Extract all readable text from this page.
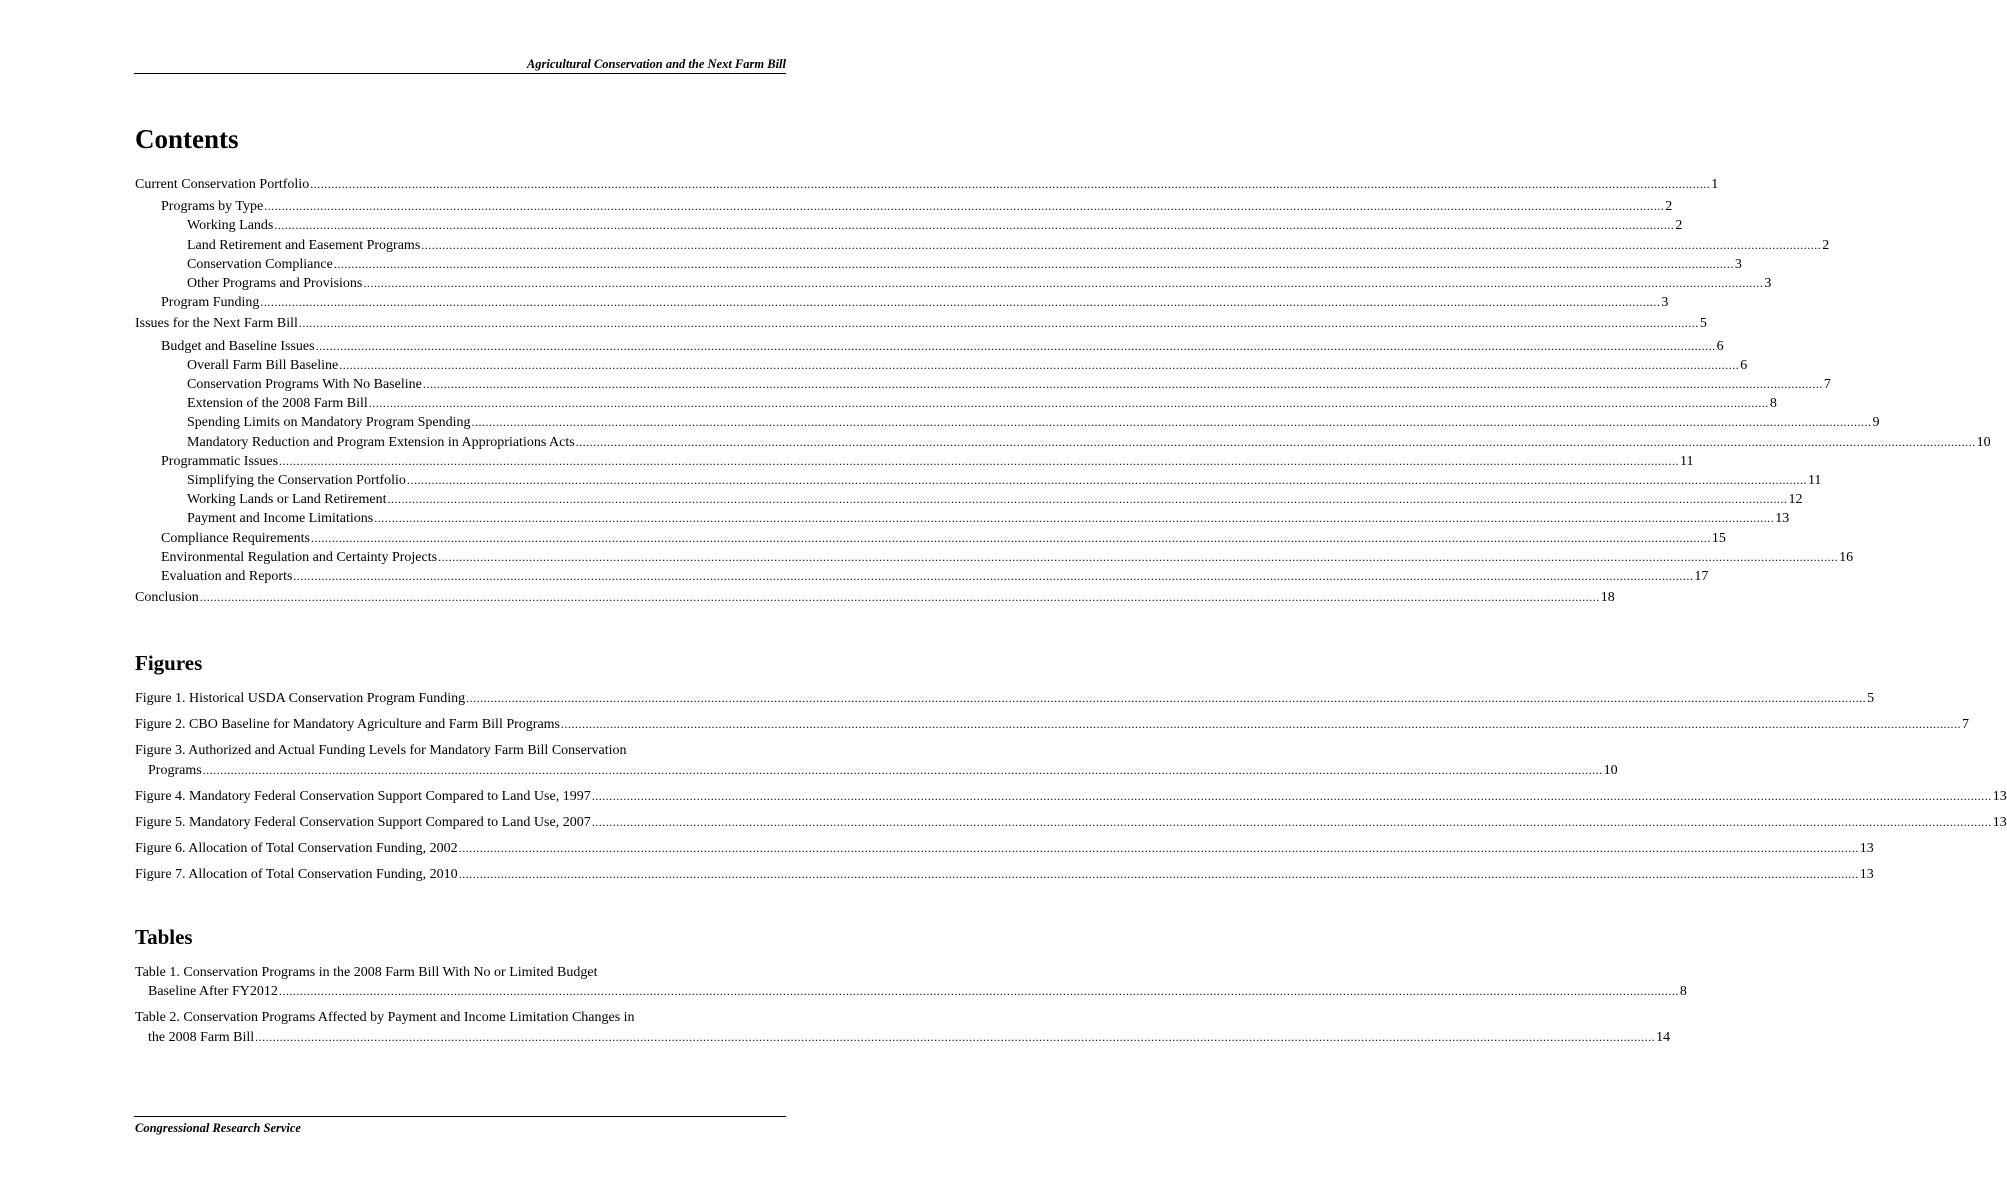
Agricultural Conservation and the Next Farm Bill
Contents
Current Conservation Portfolio ................................................................................................................................................................................................................................................................................................................................................................................................................ 1
Programs by Type ................................................................................................................................................................................................................................................................................................................................................................................................................ 2
Working Lands ................................................................................................................................................................................................................................................................................................................................................................................................................ 2
Land Retirement and Easement Programs ................................................................................................................................................................................................................................................................................................................................................................................................................ 2
Conservation Compliance ................................................................................................................................................................................................................................................................................................................................................................................................................ 3
Other Programs and Provisions ................................................................................................................................................................................................................................................................................................................................................................................................................ 3
Program Funding ................................................................................................................................................................................................................................................................................................................................................................................................................ 3
Issues for the Next Farm Bill ................................................................................................................................................................................................................................................................................................................................................................................................................ 5
Budget and Baseline Issues ................................................................................................................................................................................................................................................................................................................................................................................................................ 6
Overall Farm Bill Baseline ................................................................................................................................................................................................................................................................................................................................................................................................................ 6
Conservation Programs With No Baseline ................................................................................................................................................................................................................................................................................................................................................................................................................ 7
Extension of the 2008 Farm Bill ................................................................................................................................................................................................................................................................................................................................................................................................................ 8
Spending Limits on Mandatory Program Spending ................................................................................................................................................................................................................................................................................................................................................................................................................ 9
Mandatory Reduction and Program Extension in Appropriations Acts ................................................................................................................................................................................................................................................................................................................................................................................................................ 10
Programmatic Issues ................................................................................................................................................................................................................................................................................................................................................................................................................ 11
Simplifying the Conservation Portfolio ................................................................................................................................................................................................................................................................................................................................................................................................................ 11
Working Lands or Land Retirement ................................................................................................................................................................................................................................................................................................................................................................................................................ 12
Payment and Income Limitations ................................................................................................................................................................................................................................................................................................................................................................................................................ 13
Compliance Requirements ................................................................................................................................................................................................................................................................................................................................................................................................................ 15
Environmental Regulation and Certainty Projects ................................................................................................................................................................................................................................................................................................................................................................................................................ 16
Evaluation and Reports ................................................................................................................................................................................................................................................................................................................................................................................................................ 17
Conclusion ................................................................................................................................................................................................................................................................................................................................................................................................................ 18
Figures
Figure 1. Historical USDA Conservation Program Funding ................................................................................................................................................................................................................................................................................................................................................................................................................ 5
Figure 2. CBO Baseline for Mandatory Agriculture and Farm Bill Programs ................................................................................................................................................................................................................................................................................................................................................................................................................ 7
Figure 3. Authorized and Actual Funding Levels for Mandatory Farm Bill Conservation
Programs ................................................................................................................................................................................................................................................................................................................................................................................................................ 10
Figure 4. Mandatory Federal Conservation Support Compared to Land Use, 1997 ................................................................................................................................................................................................................................................................................................................................................................................................................ 13
Figure 5. Mandatory Federal Conservation Support Compared to Land Use, 2007 ................................................................................................................................................................................................................................................................................................................................................................................................................ 13
Figure 6. Allocation of Total Conservation Funding, 2002 ................................................................................................................................................................................................................................................................................................................................................................................................................ 13
Figure 7. Allocation of Total Conservation Funding, 2010 ................................................................................................................................................................................................................................................................................................................................................................................................................ 13
Tables
Table 1. Conservation Programs in the 2008 Farm Bill With No or Limited Budget
Baseline After FY2012 ................................................................................................................................................................................................................................................................................................................................................................................................................ 8
Table 2. Conservation Programs Affected by Payment and Income Limitation Changes in
the 2008 Farm Bill ................................................................................................................................................................................................................................................................................................................................................................................................................ 14
Congressional Research Service
